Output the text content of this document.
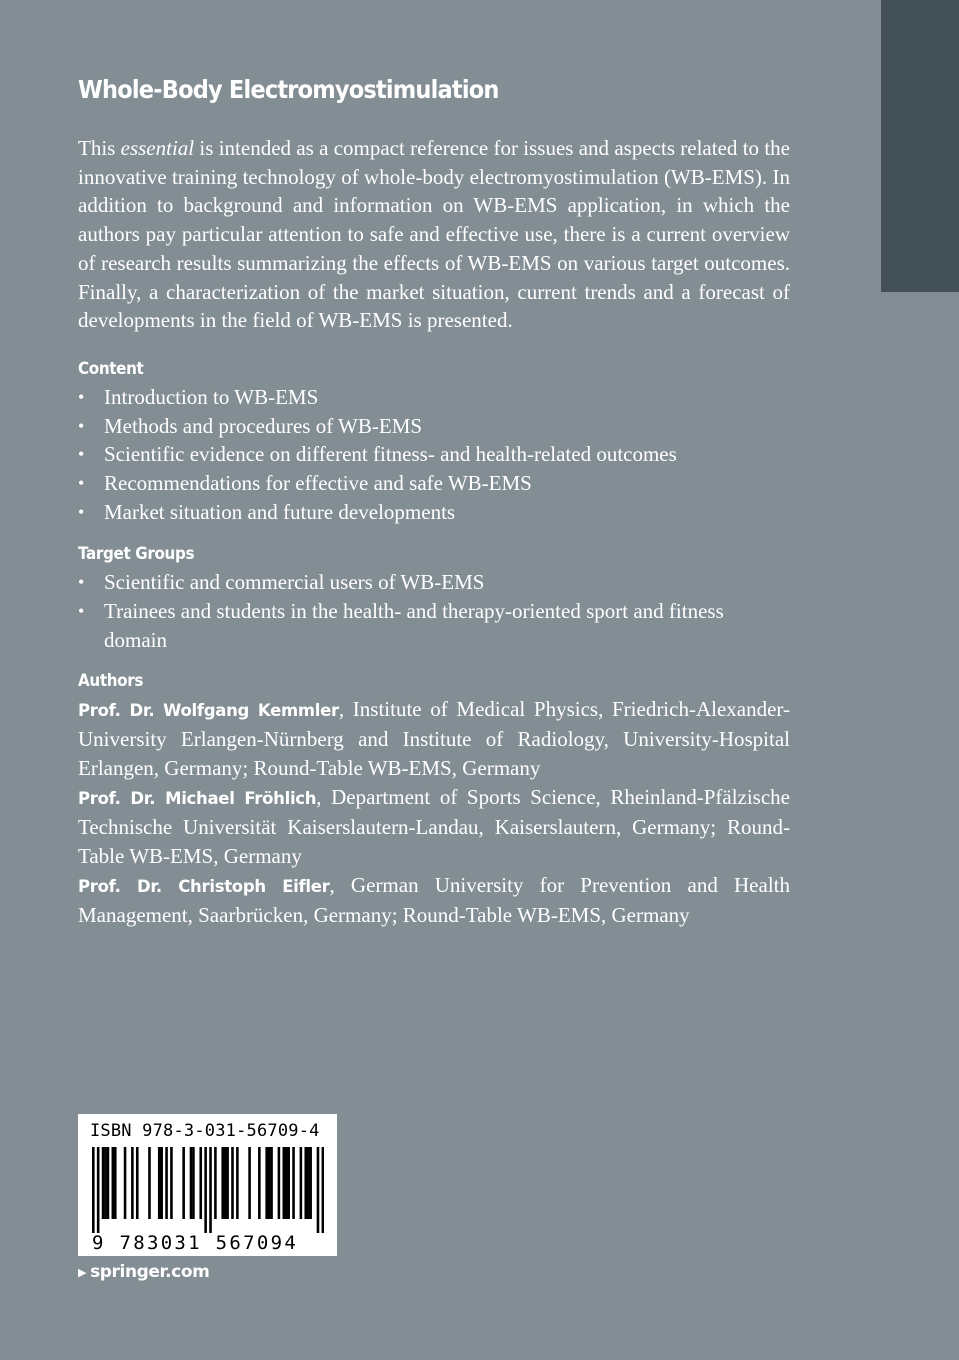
Whole-Body Electromyostimulation

This essential is intended as a compact reference for issues and aspects related to the innovative training technology of whole-body electromyostimulation (WB-EMS). In addition to background and information on WB-EMS application, in which the authors pay particular attention to safe and effective use, there is a current overview of research results summarizing the effects of WB-EMS on various target outcomes. Finally, a characterization of the market situation, current trends and a forecast of developments in the field of WB-EMS is presented.

Content
• Introduction to WB-EMS
• Methods and procedures of WB-EMS
• Scientific evidence on different fitness- and health-related outcomes
• Recommendations for effective and safe WB-EMS
• Market situation and future developments
Target Groups
• Scientific and commercial users of WB-EMS
• Trainees and students in the health- and therapy-oriented sport and fitness domain
Authors

Prof. Dr. Wolfgang Kemmler, Institute of Medical Physics, Friedrich-Alexander-University Erlangen-Nürnberg and Institute of Radiology, University-Hospital Erlangen, Germany; Round-Table WB-EMS, Germany

Prof. Dr. Michael Fröhlich, Department of Sports Science, Rheinland-Pfälzische Technische Universität Kaiserslautern-Landau, Kaiserslautern, Germany; Round-Table WB-EMS, Germany

Prof. Dr. Christoph Eifler, German University for Prevention and Health Management, Saarbrücken, Germany; Round-Table WB-EMS, Germany

ISBN 978-3-031-56709-4
9 783031 567094
▶ springer.com
